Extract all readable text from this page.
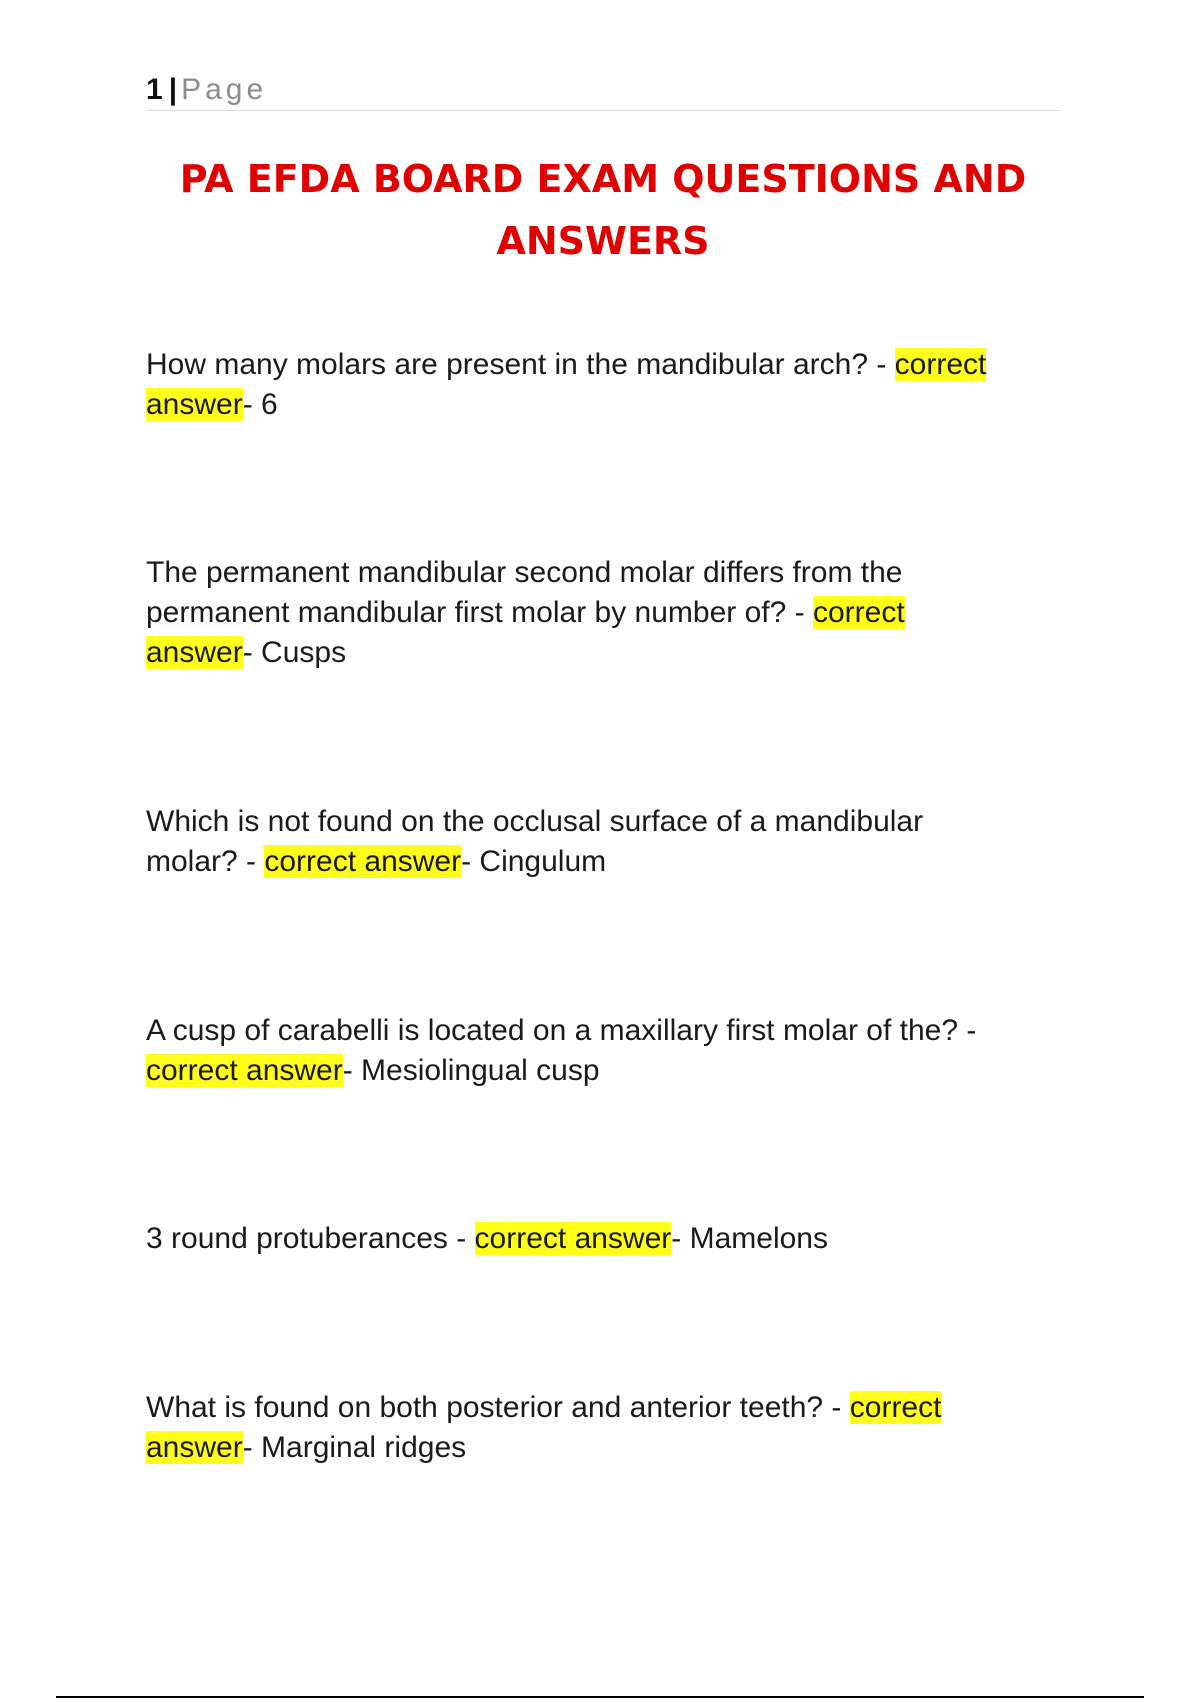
1 | Page
PA EFDA BOARD EXAM QUESTIONS AND ANSWERS

How many molars are present in the mandibular arch? - correct
answer- 6

The permanent mandibular second molar differs from the permanent mandibular first molar by number of? - correct
answer- Cusps

Which is not found on the occlusal surface of a mandibular molar? - correct answer- Cingulum

A cusp of carabelli is located on a maxillary first molar of the? - correct answer- Mesiolingual cusp

3 round protuberances - correct answer- Mamelons

What is found on both posterior and anterior teeth? - correct
answer- Marginal ridges
